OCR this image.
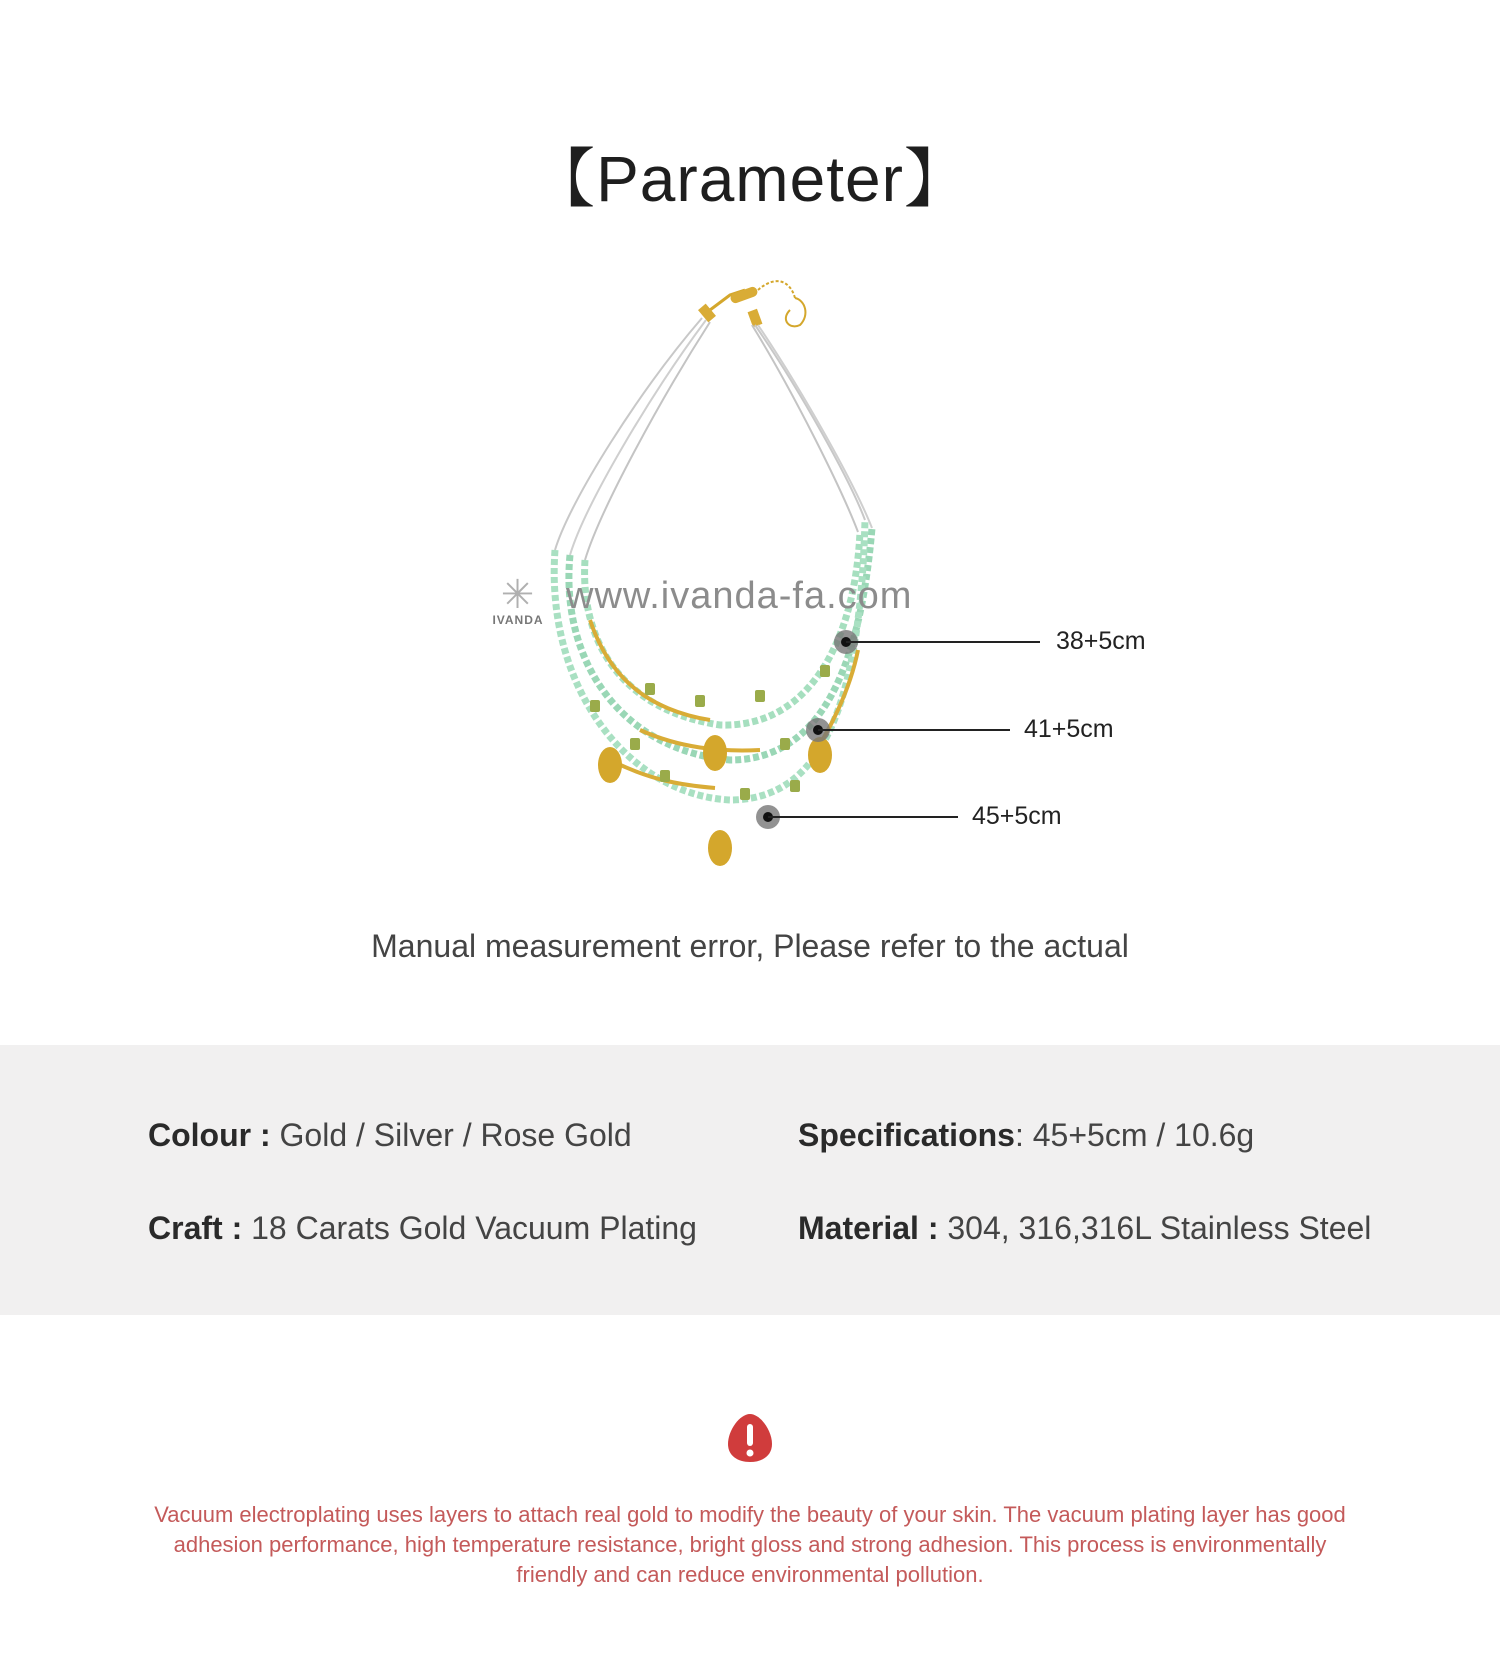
【Parameter】
✳
IVANDA
www.ivanda-fa.com
38+5cm
41+5cm
45+5cm
Manual measurement error, Please refer to the actual
Colour : Gold / Silver / Rose Gold	Specifications: 45+5cm / 10.6g
Craft : 18 Carats Gold Vacuum Plating	Material : 304, 316,316L Stainless Steel
Vacuum electroplating uses layers to attach real gold to modify the beauty of your skin. The vacuum plating layer has good adhesion performance, high temperature resistance, bright gloss and strong adhesion. This process is environmentally friendly and can reduce environmental pollution.
